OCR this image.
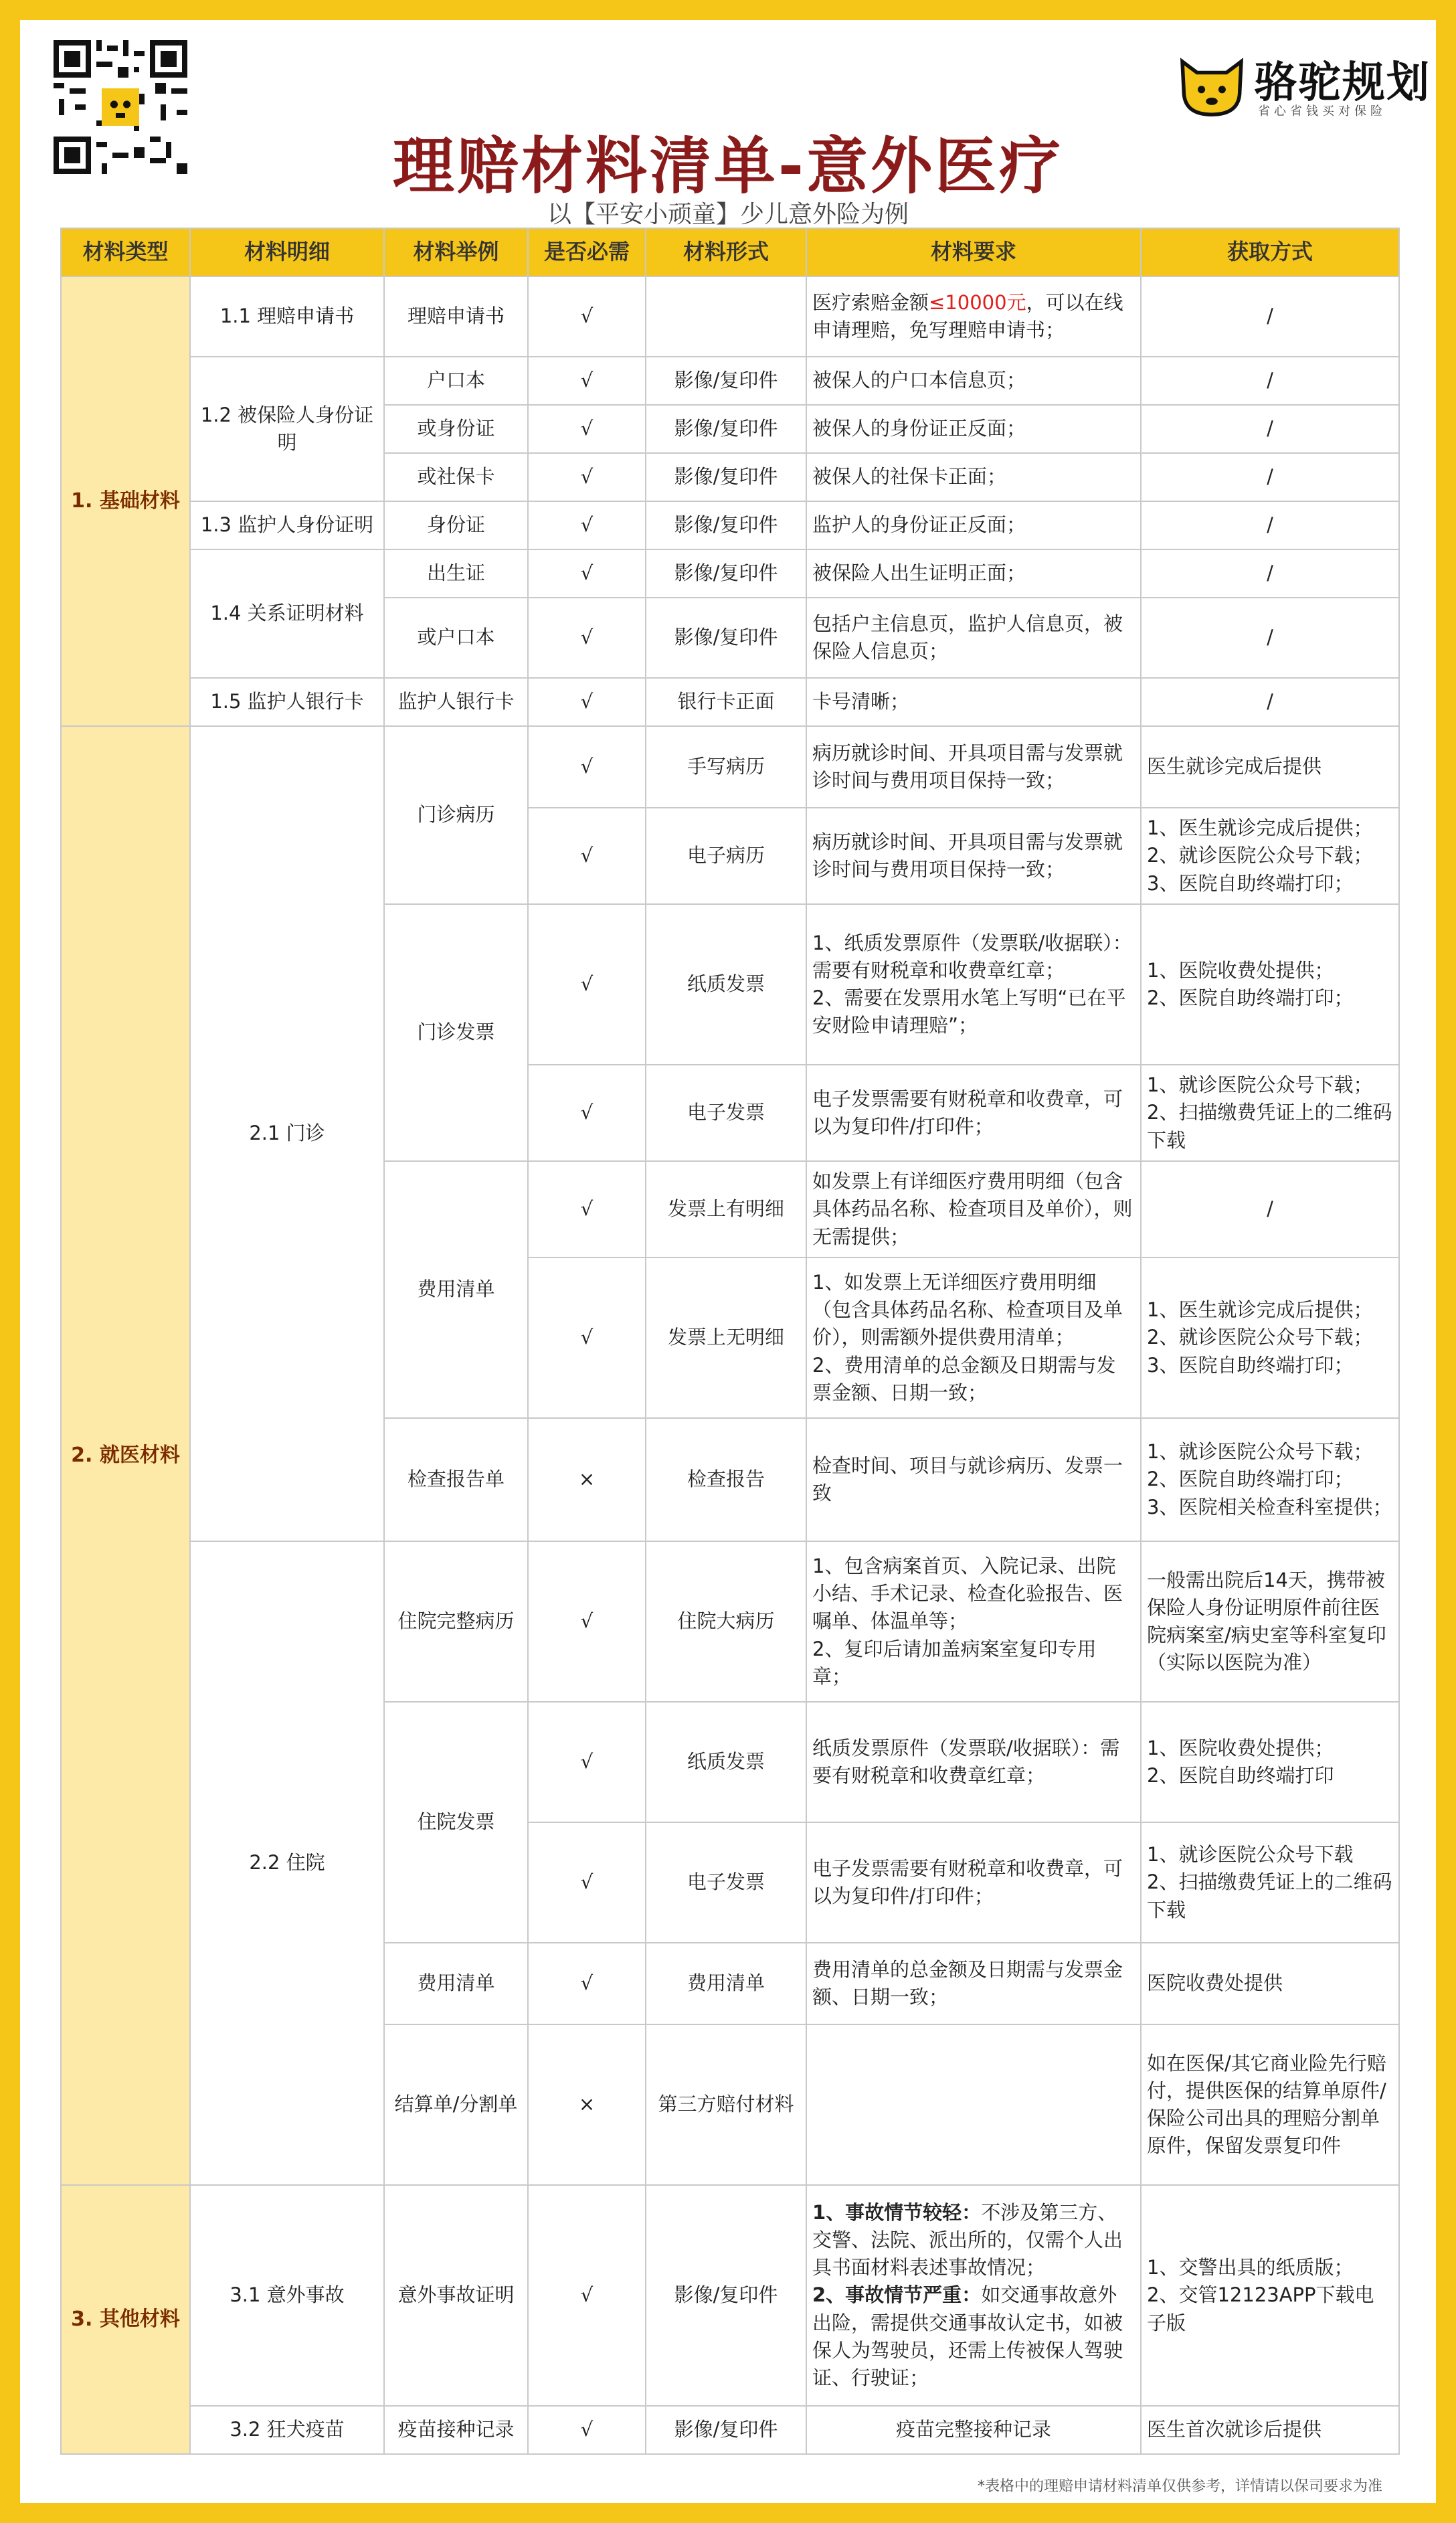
骆驼规划
省心省钱买对保险
理赔材料清单-意外医疗
以【平安小顽童】少儿意外险为例
材料类型	材料明细	材料举例	是否必需	材料形式	材料要求	获取方式
1. 基础材料	1.1 理赔申请书	理赔申请书	√		医疗索赔金额≤10000元，可以在线申请理赔，免写理赔申请书；	/
	1.2 被保险人身份证明	户口本	√	影像/复印件	被保人的户口本信息页；	/
		或身份证	√	影像/复印件	被保人的身份证正反面；	/
		或社保卡	√	影像/复印件	被保人的社保卡正面；	/
	1.3 监护人身份证明	身份证	√	影像/复印件	监护人的身份证正反面；	/
	1.4 关系证明材料	出生证	√	影像/复印件	被保险人出生证明正面；	/
		或户口本	√	影像/复印件	包括户主信息页，监护人信息页，被保险人信息页；	/
	1.5 监护人银行卡	监护人银行卡	√	银行卡正面	卡号清晰；	/

2. 就医材料	2.1 门诊	门诊病历	√	手写病历	病历就诊时间、开具项目需与发票就诊时间与费用项目保持一致；	医生就诊完成后提供
			√	电子病历	病历就诊时间、开具项目需与发票就诊时间与费用项目保持一致；	1、医生就诊完成后提供；
2、就诊医院公众号下载；
3、医院自助终端打印；
		门诊发票	√	纸质发票	1、纸质发票原件（发票联/收据联）：需要有财税章和收费章红章；
2、需要在发票用水笔上写明“已在平安财险申请理赔”；	1、医院收费处提供；
2、医院自助终端打印；
			√	电子发票	电子发票需要有财税章和收费章，可以为复印件/打印件；	1、就诊医院公众号下载；
2、扫描缴费凭证上的二维码下载
		费用清单	√	发票上有明细	如发票上有详细医疗费用明细（包含具体药品名称、检查项目及单价），则无需提供；	/
			√	发票上无明细	1、如发票上无详细医疗费用明细（包含具体药品名称、检查项目及单价），则需额外提供费用清单；
2、费用清单的总金额及日期需与发票金额、日期一致；	1、医生就诊完成后提供；
2、就诊医院公众号下载；
3、医院自助终端打印；
		检查报告单	×	检查报告	检查时间、项目与就诊病历、发票一致	1、就诊医院公众号下载；
2、医院自助终端打印；
3、医院相关检查科室提供；

	2.2 住院	住院完整病历	√	住院大病历	1、包含病案首页、入院记录、出院小结、手术记录、检查化验报告、医嘱单、体温单等；
2、复印后请加盖病案室复印专用章；	一般需出院后14天，携带被保险人身份证明原件前往医院病案室/病史室等科室复印（实际以医院为准）
		住院发票	√	纸质发票	纸质发票原件（发票联/收据联）：需要有财税章和收费章红章；	1、医院收费处提供；
2、医院自助终端打印
			√	电子发票	电子发票需要有财税章和收费章，可以为复印件/打印件；	1、就诊医院公众号下载
2、扫描缴费凭证上的二维码下载
		费用清单	√	费用清单	费用清单的总金额及日期需与发票金额、日期一致；	医院收费处提供
		结算单/分割单	×	第三方赔付材料		如在医保/其它商业险先行赔付，提供医保的结算单原件/保险公司出具的理赔分割单原件，保留发票复印件

3. 其他材料	3.1 意外事故	意外事故证明	√	影像/复印件	1、事故情节较轻：不涉及第三方、交警、法院、派出所的，仅需个人出具书面材料表述事故情况；
2、事故情节严重：如交通事故意外出险，需提供交通事故认定书，如被保人为驾驶员，还需上传被保人驾驶证、行驶证；	1、交警出具的纸质版；
2、交管12123APP下载电子版
	3.2 狂犬疫苗	疫苗接种记录	√	影像/复印件	疫苗完整接种记录	医生首次就诊后提供
*表格中的理赔申请材料清单仅供参考，详情请以保司要求为准
